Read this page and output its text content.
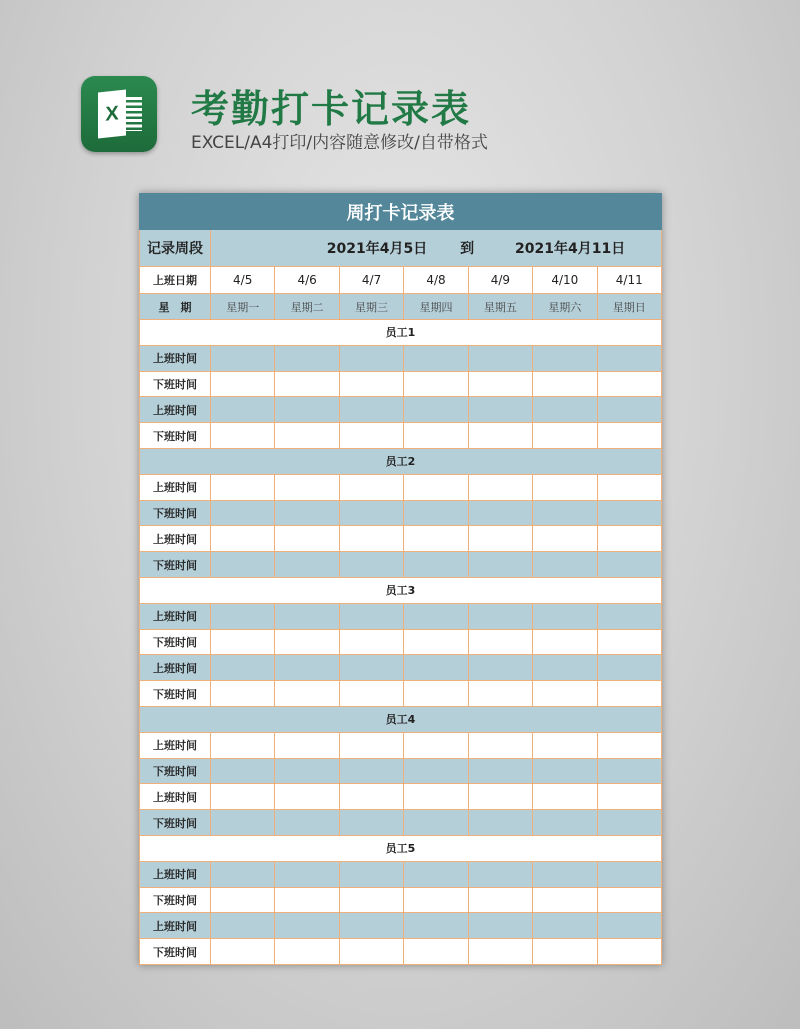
X 考勤打卡记录表
EXCEL/A4打印/内容随意修改/自带格式
周打卡记录表							
记录周段	2021年4月5日 到 2021年4月11日						
上班日期	4/5	4/6	4/7	4/8	4/9	4/10	4/11
星　期	星期一	星期二	星期三	星期四	星期五	星期六	星期日
员工1							
上班时间							
下班时间							
上班时间							
下班时间							
员工2							
上班时间							
下班时间							
上班时间							
下班时间							
员工3							
上班时间							
下班时间							
上班时间							
下班时间							
员工4							
上班时间							
下班时间							
上班时间							
下班时间							
员工5							
上班时间							
下班时间							
上班时间							
下班时间							
